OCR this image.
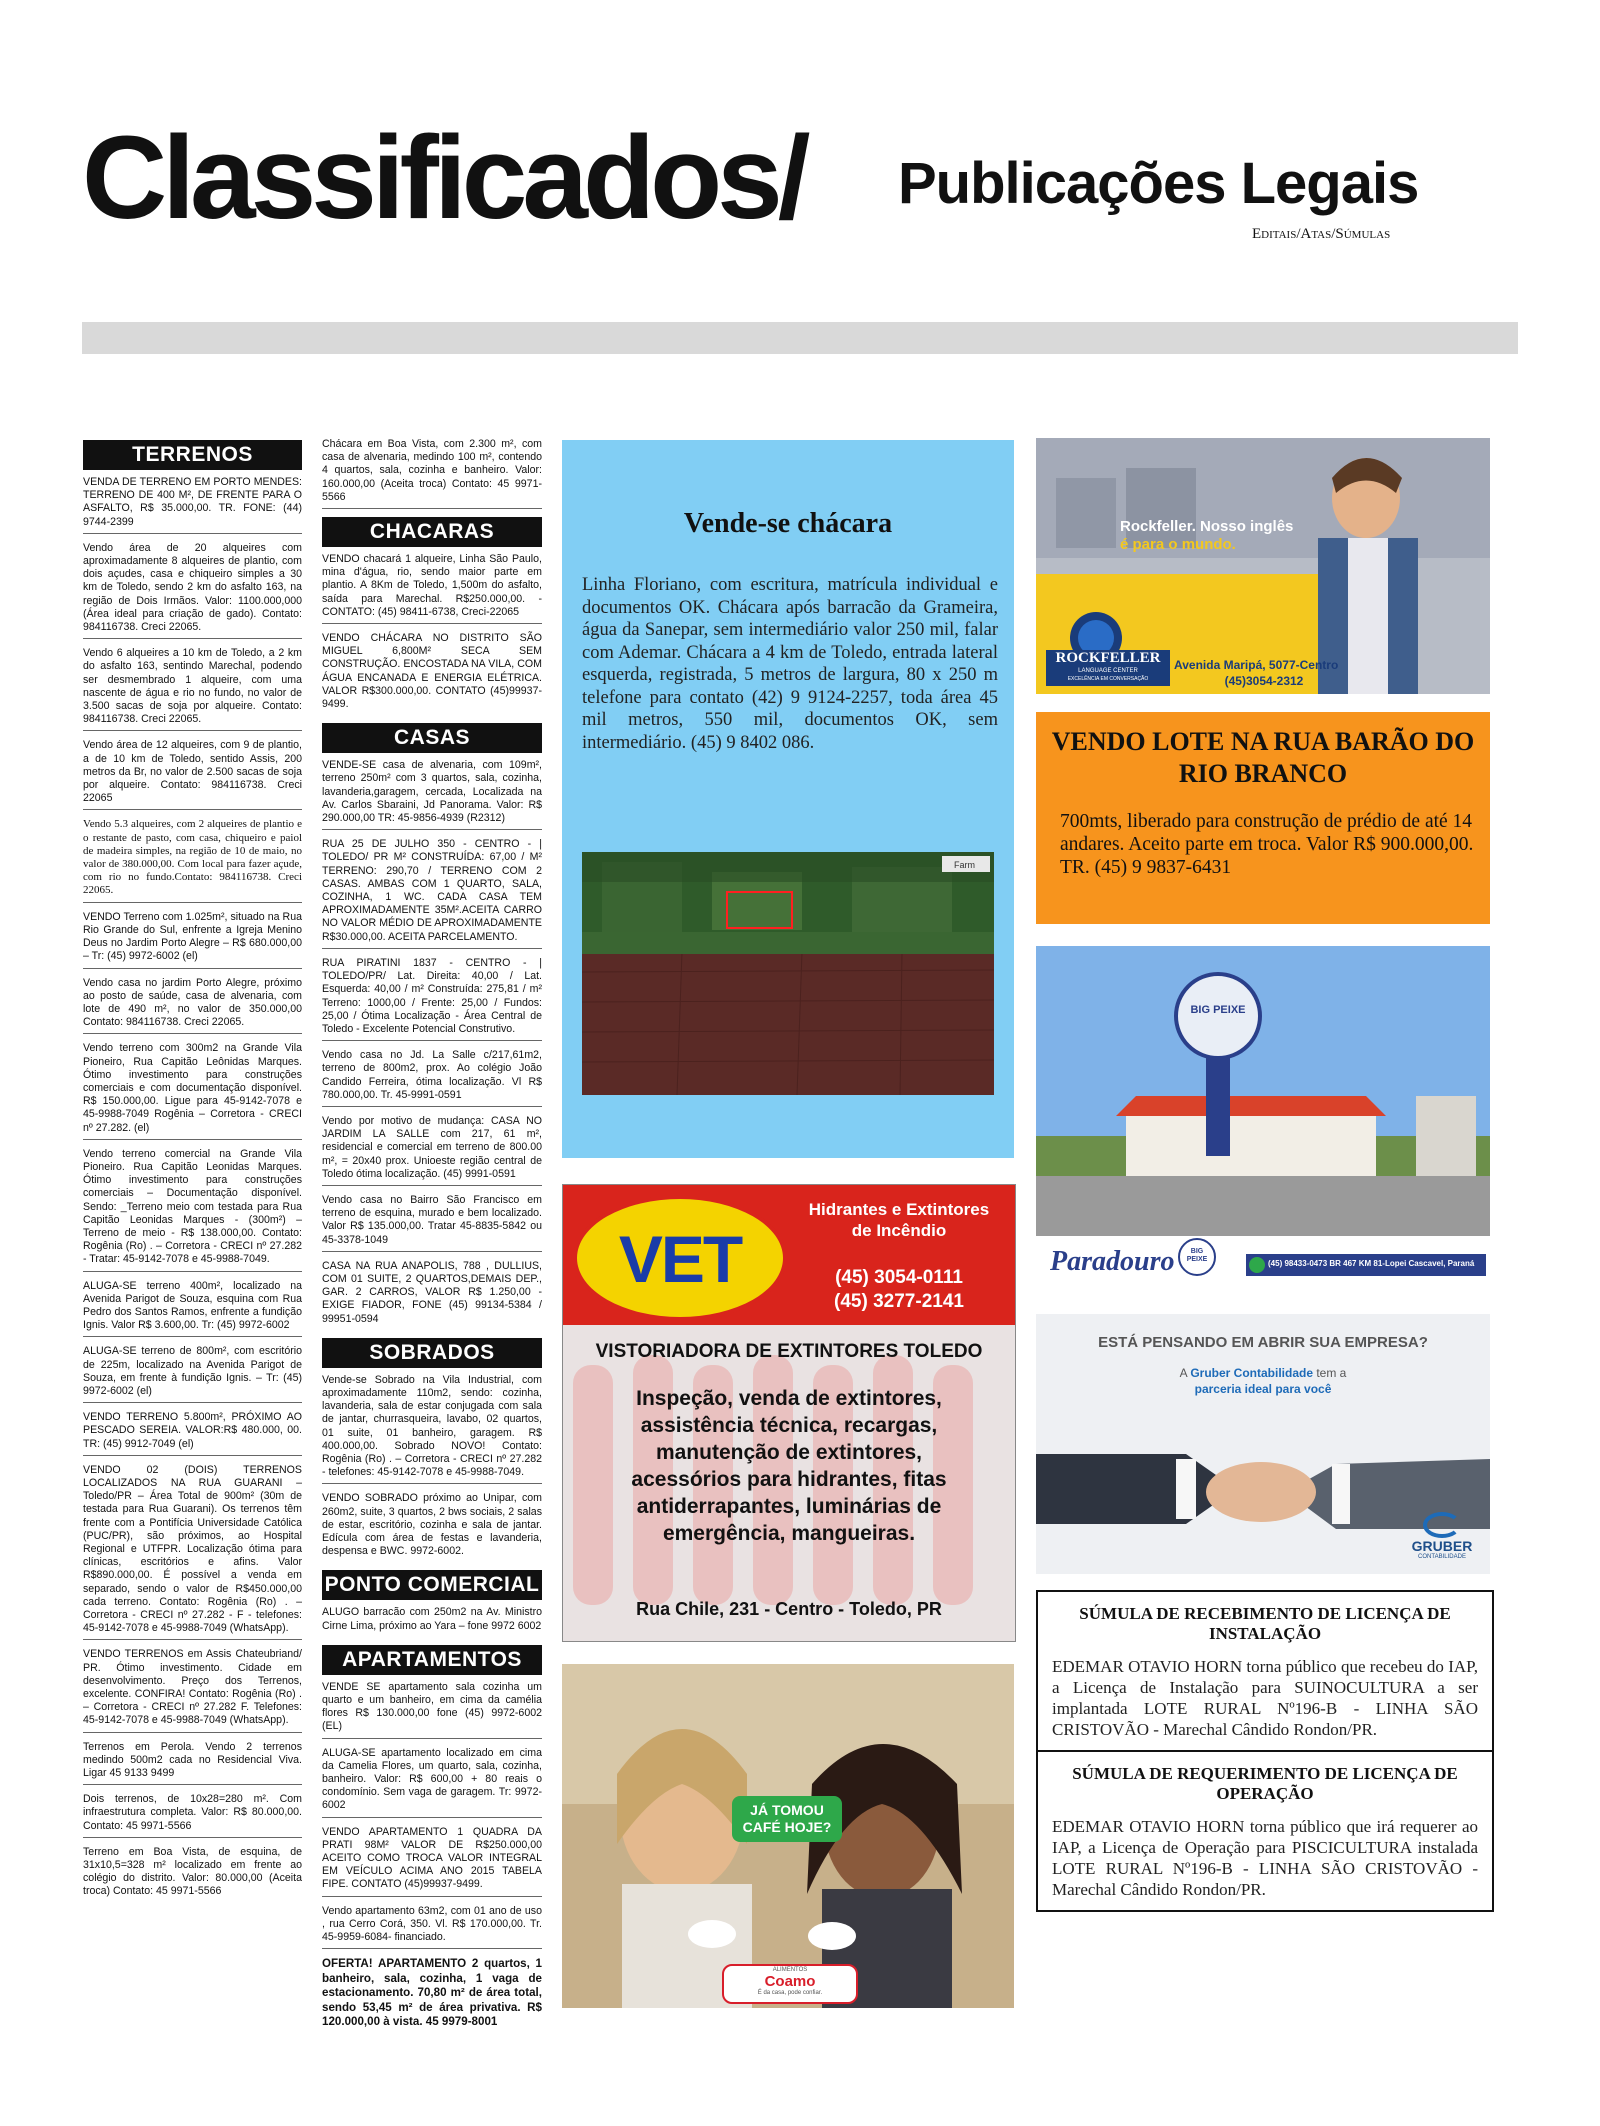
Classificados/ Publicações Legais
Editais/Atas/Súmulas
TERRENOS
VENDA DE TERRENO EM PORTO MENDES: TERRENO DE 400 M², DE FRENTE PARA O ASFALTO, R$ 35.000,00. TR. FONE: (44) 9744-2399
Vendo área de 20 alqueires com aproximadamente 8 alqueires de plantio, com dois açudes, casa e chiqueiro simples a 30 km de Toledo, sendo 2 km do asfalto 163, na região de Dois Irmãos. Valor: 1100.000,000 (Área ideal para criação de gado). Contato: 984116738. Creci 22065.
Vendo 6 alqueires a 10 km de Toledo, a 2 km do asfalto 163, sentindo Marechal, podendo ser desmembrado 1 alqueire, com uma nascente de água e rio no fundo, no valor de 3.500 sacas de soja por alqueire. Contato: 984116738. Creci 22065.
Vendo área de 12 alqueires, com 9 de plantio, a de 10 km de Toledo, sentido Assis, 200 metros da Br, no valor de 2.500 sacas de soja por alqueire. Contato: 984116738. Creci 22065
Vendo 5.3 alqueires, com 2 alqueires de plantio e o restante de pasto, com casa, chiqueiro e paiol de madeira simples, na região de 10 de maio, no valor de 380.000,00. Com local para fazer açude, com rio no fundo.Contato: 984116738. Creci 22065.
VENDO Terreno com 1.025m², situado na Rua Rio Grande do Sul, enfrente a Igreja Menino Deus no Jardim Porto Alegre – R$ 680.000,00 – Tr: (45) 9972-6002 (el)
Vendo casa no jardim Porto Alegre, próximo ao posto de saúde, casa de alvenaria, com lote de 490 m², no valor de 350.000,00 Contato: 984116738. Creci 22065.
Vendo terreno com 300m2 na Grande Vila Pioneiro, Rua Capitão Leônidas Marques. Ótimo investimento para construções comerciais e com documentação disponível. R$ 150.000,00. Ligue para 45-9142-7078 e 45-9988-7049 Rogênia – Corretora - CRECI nº 27.282. (el)
Vendo terreno comercial na Grande Vila Pioneiro. Rua Capitão Leonidas Marques. Ótimo investimento para construções comerciais – Documentação disponível. Sendo: _Terreno meio com testada para Rua Capitão Leonidas Marques - (300m²) – Terreno de meio - R$ 138.000,00. Contato: Rogênia (Ro) . – Corretora - CRECI nº 27.282 - Tratar: 45-9142-7078 e 45-9988-7049.
ALUGA-SE terreno 400m², localizado na Avenida Parigot de Souza, esquina com Rua Pedro dos Santos Ramos, enfrente a fundição Ignis. Valor R$ 3.600,00. Tr: (45) 9972-6002
ALUGA-SE terreno de 800m², com escritório de 225m, localizado na Avenida Parigot de Souza, em frente à fundição Ignis. – Tr: (45) 9972-6002 (el)
VENDO TERRENO 5.800m², PRÓXIMO AO PESCADO SEREIA. VALOR:R$ 480.000, 00. TR: (45) 9912-7049 (el)
VENDO 02 (DOIS) TERRENOS LOCALIZADOS NA RUA GUARANI – Toledo/PR – Área Total de 900m² (30m de testada para Rua Guarani). Os terrenos têm frente com a Pontifícia Universidade Católica (PUC/PR), são próximos, ao Hospital Regional e UTFPR. Localização ótima para clínicas, escritórios e afins. Valor R$890.000,00. É possível a venda em separado, sendo o valor de R$450.000,00 cada terreno. Contato: Rogênia (Ro) . – Corretora - CRECI nº 27.282 - F - telefones: 45-9142-7078 e 45-9988-7049 (WhatsApp).
VENDO TERRENOS em Assis Chateubriand/ PR. Ótimo investimento. Cidade em desenvolvimento. Preço dos Terrenos, excelente. CONFIRA! Contato: Rogênia (Ro) . – Corretora - CRECI nº 27.282 F. Telefones: 45-9142-7078 e 45-9988-7049 (WhatsApp).
Terrenos em Perola. Vendo 2 terrenos medindo 500m2 cada no Residencial Viva. Ligar 45 9133 9499
Dois terrenos, de 10x28=280 m². Com infraestrutura completa. Valor: R$ 80.000,00. Contato: 45 9971-5566
Terreno em Boa Vista, de esquina, de 31x10,5=328 m² localizado em frente ao colégio do distrito. Valor: 80.000,00 (Aceita troca) Contato: 45 9971-5566
Chácara em Boa Vista, com 2.300 m², com casa de alvenaria, medindo 100 m², contendo 4 quartos, sala, cozinha e banheiro. Valor: 160.000,00 (Aceita troca) Contato: 45 9971-5566
CHACARAS
VENDO chacará 1 alqueire, Linha São Paulo, mina d'água, rio, sendo maior parte em plantio. A 8Km de Toledo, 1,500m do asfalto, saída para Marechal. R$250.000,00. - CONTATO: (45) 98411-6738, Creci-22065
VENDO CHÁCARA NO DISTRITO SÃO MIGUEL 6,800M² SECA SEM CONSTRUÇÃO. ENCOSTADA NA VILA, COM ÁGUA ENCANADA E ENERGIA ELÉTRICA. VALOR R$300.000,00. CONTATO (45)99937-9499.
CASAS
VENDE-SE casa de alvenaria, com 109m², terreno 250m² com 3 quartos, sala, cozinha, lavanderia,garagem, cercada, Localizada na Av. Carlos Sbaraini, Jd Panorama. Valor: R$ 290.000,00 TR: 45-9856-4939 (R2312)
RUA 25 DE JULHO 350 - CENTRO - | TOLEDO/ PR M² CONSTRUÍDA: 67,00 / M² TERRENO: 290,70 / TERRENO COM 2 CASAS. AMBAS COM 1 QUARTO, SALA, COZINHA, 1 WC. CADA CASA TEM APROXIMADAMENTE 35M².ACEITA CARRO NO VALOR MÉDIO DE APROXIMADAMENTE R$30.000,00. ACEITA PARCELAMENTO.
RUA PIRATINI 1837 - CENTRO - | TOLEDO/PR/ Lat. Direita: 40,00 / Lat. Esquerda: 40,00 / m² Construída: 275,81 / m² Terreno: 1000,00 / Frente: 25,00 / Fundos: 25,00 / Ótima Localização - Área Central de Toledo - Excelente Potencial Construtivo.
Vendo casa no Jd. La Salle c/217,61m2, terreno de 800m2, prox. Ao colégio João Candido Ferreira, ótima localização. Vl R$ 780.000,00. Tr. 45-9991-0591
Vendo por motivo de mudança: CASA NO JARDIM LA SALLE com 217, 61 m², residencial e comercial em terreno de 800.00 m², = 20x40 prox. Unioeste região central de Toledo ótima localização. (45) 9991-0591
Vendo casa no Bairro São Francisco em terreno de esquina, murado e bem localizado. Valor R$ 135.000,00. Tratar 45-8835-5842 ou 45-3378-1049
CASA NA RUA ANAPOLIS, 788 , DULLIUS, COM 01 SUITE, 2 QUARTOS,DEMAIS DEP., GAR. 2 CARROS, VALOR R$ 1.250,00 - EXIGE FIADOR, FONE (45) 99134-5384 / 99951-0594
SOBRADOS
Vende-se Sobrado na Vila Industrial, com aproximadamente 110m2, sendo: cozinha, lavanderia, sala de estar conjugada com sala de jantar, churrasqueira, lavabo, 02 quartos, 01 suite, 01 banheiro, garagem. R$ 400.000,00. Sobrado NOVO! Contato: Rogênia (Ro) . – Corretora - CRECI nº 27.282 - telefones: 45-9142-7078 e 45-9988-7049.
VENDO SOBRADO próximo ao Unipar, com 260m2, suite, 3 quartos, 2 bws sociais, 2 salas de estar, escritório, cozinha e sala de jantar. Edícula com área de festas e lavanderia, despensa e BWC. 9972-6002.
PONTO COMERCIAL
ALUGO barracão com 250m2 na Av. Ministro Cirne Lima, próximo ao Yara – fone 9972 6002
APARTAMENTOS
VENDE SE apartamento sala cozinha um quarto e um banheiro, em cima da camélia flores R$ 130.000,00 fone (45) 9972-6002 (EL)
ALUGA-SE apartamento localizado em cima da Camelia Flores, um quarto, sala, cozinha, banheiro. Valor: R$ 600,00 + 80 reais o condomínio. Sem vaga de garagem. Tr: 9972-6002
VENDO APARTAMENTO 1 QUADRA DA PRATI 98M² VALOR DE R$250.000,00 ACEITO COMO TROCA VALOR INTEGRAL EM VEÍCULO ACIMA ANO 2015 TABELA FIPE. CONTATO (45)99937-9499.
Vendo apartamento 63m2, com 01 ano de uso , rua Cerro Corá, 350. Vl. R$ 170.000,00. Tr. 45-9959-6084- financiado.
OFERTA! APARTAMENTO 2 quartos, 1 banheiro, sala, cozinha, 1 vaga de estacionamento. 70,80 m² de área total, sendo 53,45 m² de área privativa. R$ 120.000,00 à vista. 45 9979-8001
Vende-se chácara
Linha Floriano, com escritura, matrícula individual e documentos OK. Chácara após barracão da Grameira, água da Sanepar, sem intermediário valor 250 mil, falar com Ademar. Chácara a 4 km de Toledo, entrada lateral esquerda, registrada, 5 metros de largura, 80 x 250 m telefone para contato (42) 9 9124-2257, toda área 45 mil metros, 550 mil, documentos OK, sem intermediário. (45) 9 8402 086.
Farm
VET
Hidrantes e Extintores de Incêndio
(45) 3054-0111
(45) 3277-2141
VISTORIADORA DE EXTINTORES TOLEDO
Inspeção, venda de extintores, assistência técnica, recargas, manutenção de extintores, acessórios para hidrantes, fitas antiderrapantes, luminárias de emergência, mangueiras.
Rua Chile, 231 - Centro - Toledo, PR
JÁ TOMOU CAFÉ HOJE?
ALIMENTOS
Coamo
É da casa, pode confiar.
Rockfeller. Nosso inglês
é para o mundo.
ROCKFELLER
LANGUAGE CENTER
EXCELÊNCIA EM CONVERSAÇÃO
Avenida Maripá, 5077-Centro
(45)3054-2312
VENDO LOTE NA RUA BARÃO DO RIO BRANCO
700mts, liberado para construção de prédio de até 14 andares. Aceito parte em troca. Valor R$ 900.000,00. TR. (45) 9 9837-6431
BIG PEIXE
Paradouro	BIG PEIXE	(45) 98433-0473 BR 467 KM 81-Lopei Cascavel, Paraná
ESTÁ PENSANDO EM ABRIR SUA EMPRESA?
A Gruber Contabilidade tem a
parceria ideal para você
GRUBER
CONTABILIDADE
SÚMULA DE RECEBIMENTO DE LICENÇA DE INSTALAÇÃO

EDEMAR OTAVIO HORN torna público que recebeu do IAP, a Licença de Instalação para SUINOCULTURA a ser implantada LOTE RURAL Nº196-B - LINHA SÃO CRISTOVÃO - Marechal Cândido Rondon/PR.

SÚMULA DE REQUERIMENTO DE LICENÇA DE OPERAÇÃO

EDEMAR OTAVIO HORN torna público que irá requerer ao IAP, a Licença de Operação para PISCICULTURA instalada LOTE RURAL Nº196-B - LINHA SÃO CRISTOVÃO - Marechal Cândido Rondon/PR.
